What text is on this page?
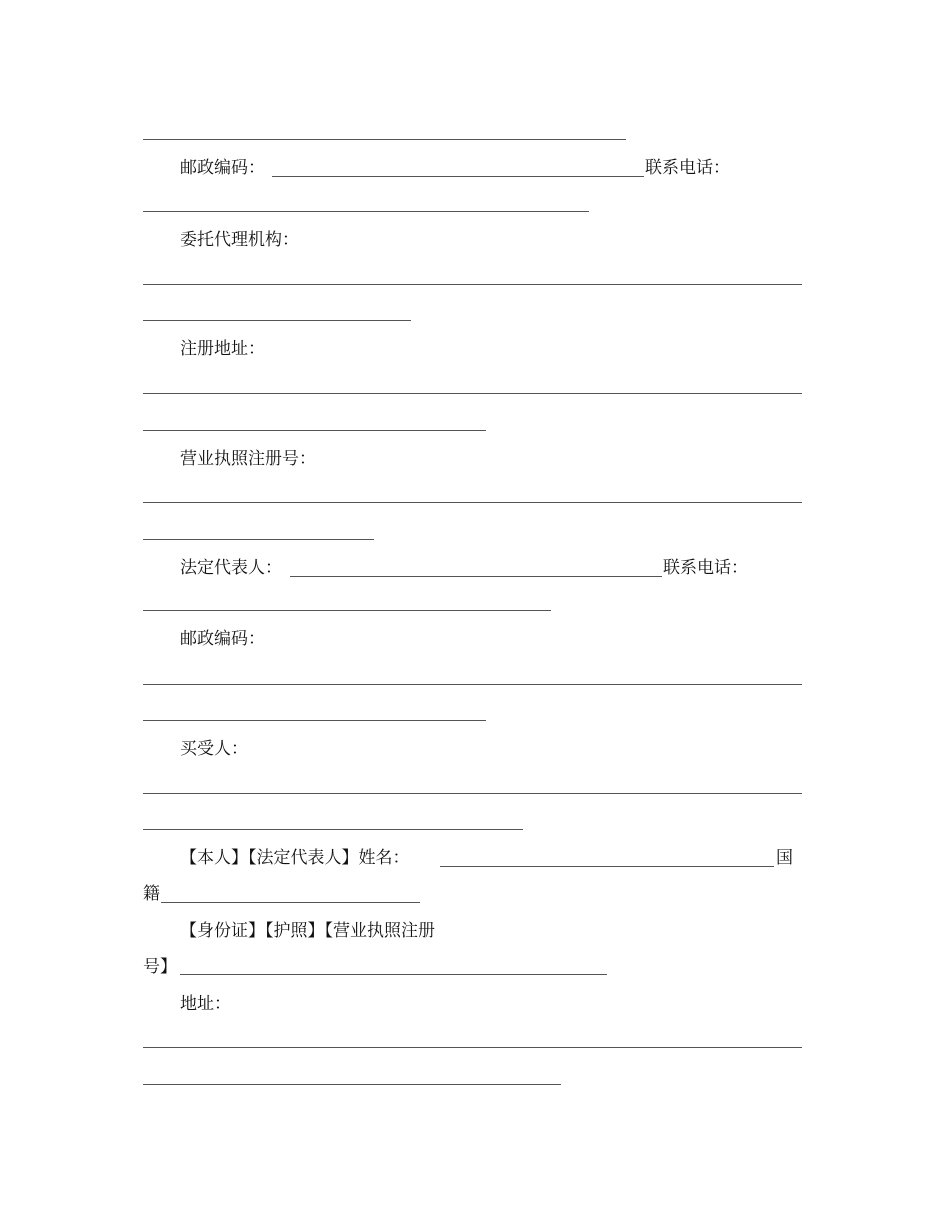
邮政编码：	联系电话：
委托代理机构：
注册地址：
营业执照注册号：
法定代表人：	联系电话：
邮政编码：
买受人：
【本人】【法定代表人】姓名：	国
籍
【身份证】【护照】【营业执照注册
号】
地址：
